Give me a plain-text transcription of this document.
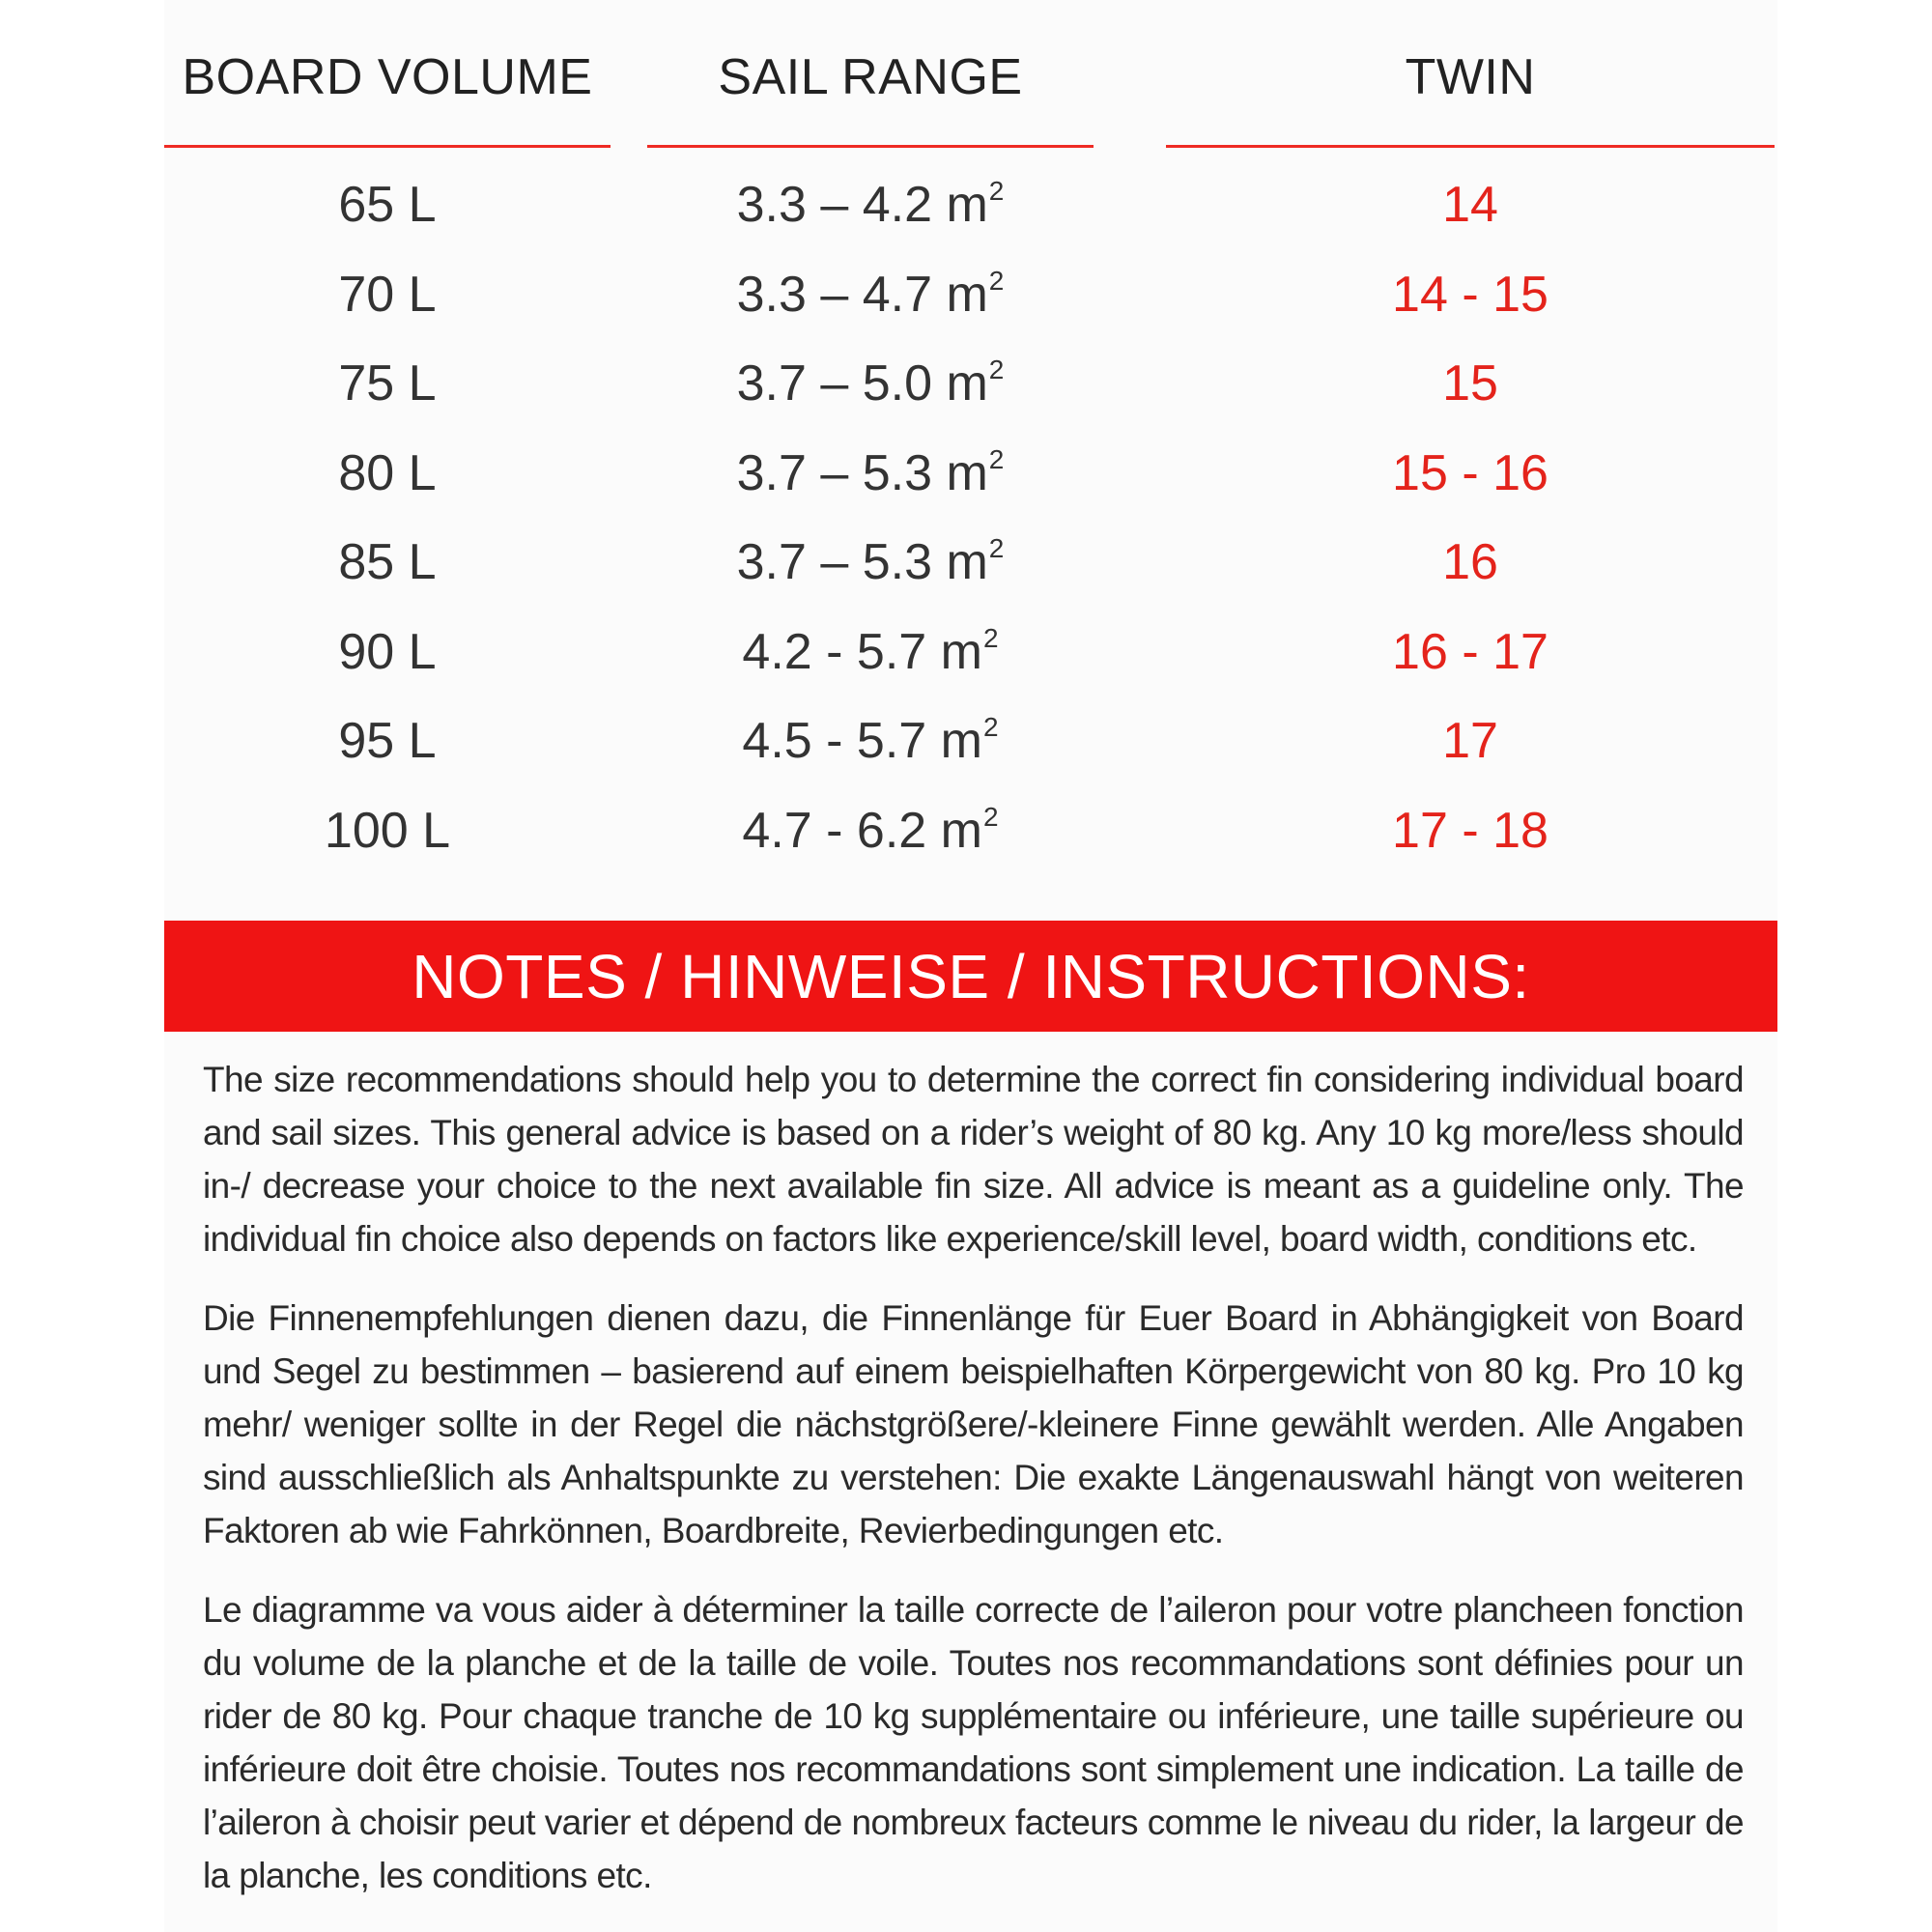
BOARD VOLUME	SAIL RANGE	TWIN
65 L	3.3 – 4.2 $m^2$	14
70 L	3.3 – 4.7 $m^2$	14 - 15
75 L	3.7 – 5.0 $m^2$	15
80 L	3.7 – 5.3 $m^2$	15 - 16
85 L	3.7 – 5.3 $m^2$	16
90 L	4.2 - 5.7 $m^2$	16 - 17
95 L	4.5 - 5.7 $m^2$	17
100 L	4.7 - 6.2 $m^2$	17 - 18
NOTES / HINWEISE / INSTRUCTIONS:

The size recommendations should help you to determine the correct fin considering individual board and sail sizes. This general advice is based on a rider’s weight of 80 kg. Any 10 kg more/less should in-/ decrease your choice to the next available fin size. All advice is meant as a guideline only. The individual fin choice also depends on factors like experience/skill level, board width, conditions etc.

Die Finnenempfehlungen dienen dazu, die Finnenlänge für Euer Board in Abhängigkeit von Board und Segel zu bestimmen – basierend auf einem beispielhaften Körpergewicht von 80 kg. Pro 10 kg mehr/ weniger sollte in der Regel die nächstgrößere/-kleinere Finne gewählt werden. Alle Angaben sind ausschließlich als Anhaltspunkte zu verstehen: Die exakte Längenauswahl hängt von weiteren Faktoren ab wie Fahrkönnen, Boardbreite, Revierbedingungen etc.

Le diagramme va vous aider à déterminer la taille correcte de l’aileron pour votre plancheen fonction du volume de la planche et de la taille de voile. Toutes nos recommandations sont définies pour un rider de 80 kg. Pour chaque tranche de 10 kg supplémentaire ou inférieure, une taille supérieure ou inférieure doit être choisie. Toutes nos recommandations sont simplement une indication. La taille de l’aileron à choisir peut varier et dépend de nombreux facteurs comme le niveau du rider, la largeur de la planche, les conditions etc.
